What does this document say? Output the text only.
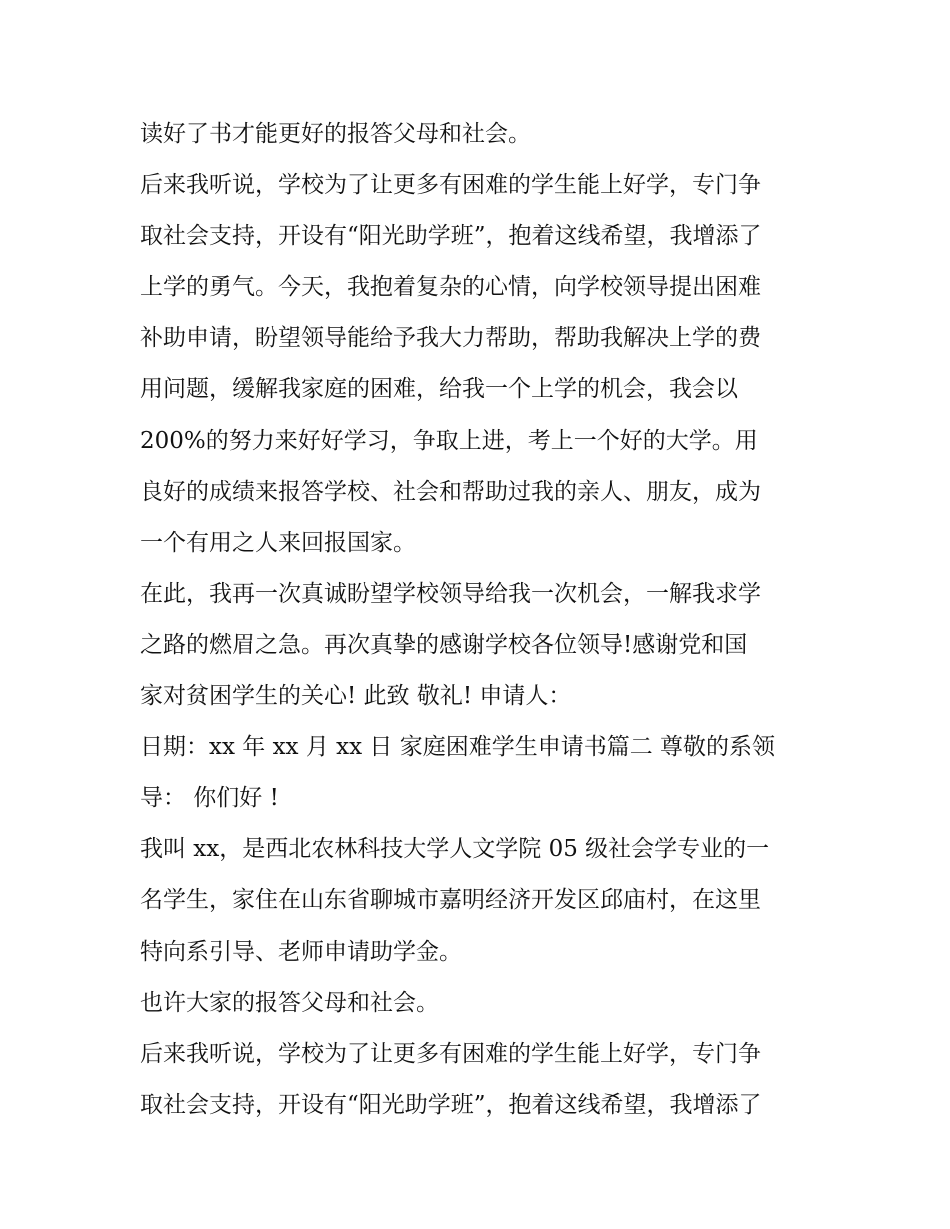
读好了书才能更好的报答父母和社会。
后来我听说，学校为了让更多有困难的学生能上好学，专门争
取社会支持，开设有“阳光助学班”，抱着这线希望，我增添了
上学的勇气。今天，我抱着复杂的心情，向学校领导提出困难
补助申请，盼望领导能给予我大力帮助，帮助我解决上学的费
用问题，缓解我家庭的困难，给我一个上学的机会，我会以
200%的努力来好好学习，争取上进，考上一个好的大学。用
良好的成绩来报答学校、社会和帮助过我的亲人、朋友，成为
一个有用之人来回报国家。
在此，我再一次真诚盼望学校领导给我一次机会，一解我求学
之路的燃眉之急。再次真挚的感谢学校各位领导!感谢党和国
家对贫困学生的关心! 此致 敬礼! 申请人：
日期：xx 年 xx 月 xx 日 家庭困难学生申请书篇二 尊敬的系领
导： 你们好 !
我叫 xx，是西北农林科技大学人文学院 05 级社会学专业的一
名学生，家住在山东省聊城市嘉明经济开发区邱庙村，在这里
特向系引导、老师申请助学金。
也许大家的报答父母和社会。
后来我听说，学校为了让更多有困难的学生能上好学，专门争
取社会支持，开设有“阳光助学班”，抱着这线希望，我增添了
